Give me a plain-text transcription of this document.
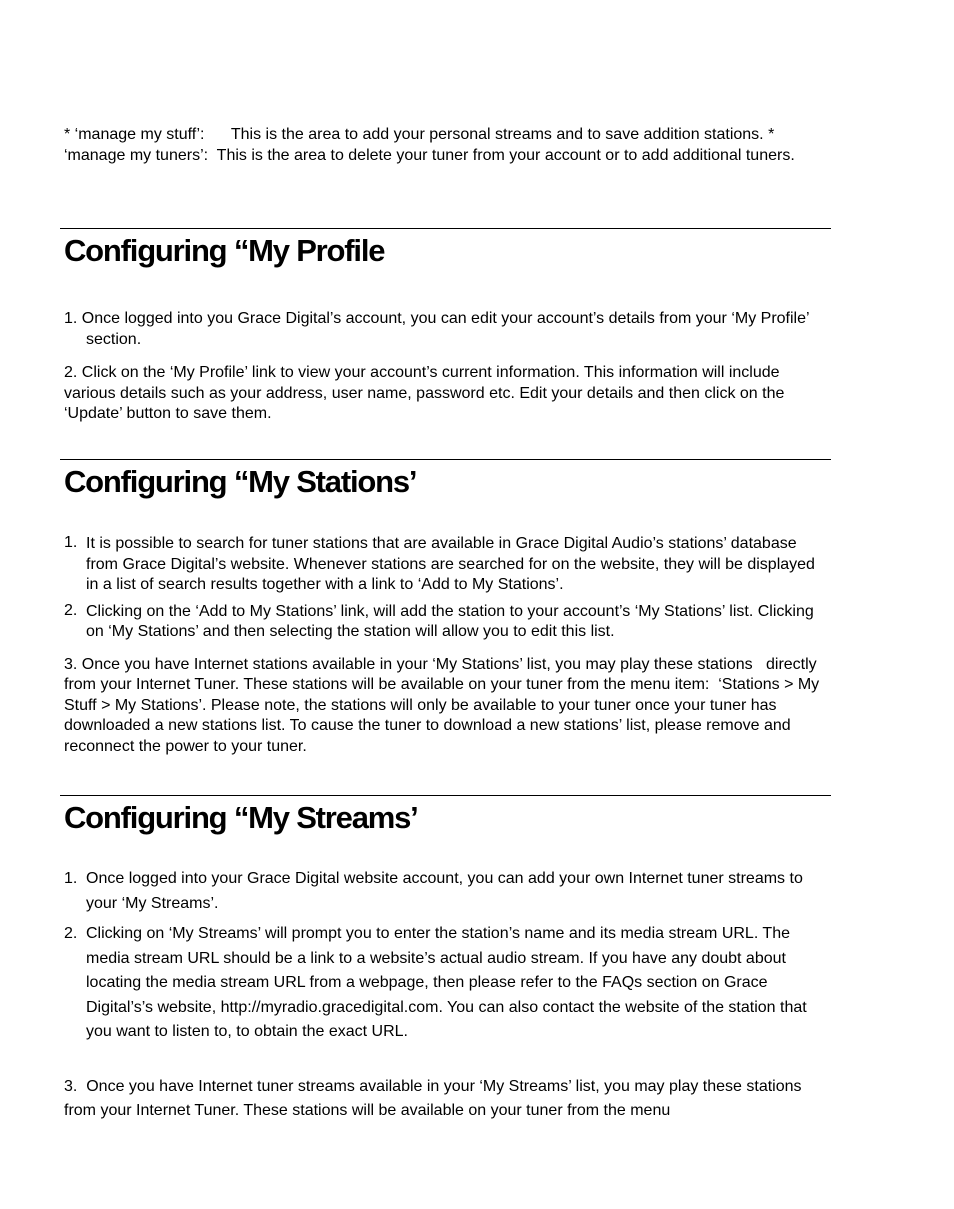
* ‘manage my stuff’:      This is the area to add your personal streams and to save addition stations. * ‘manage my tuners’:  This is the area to delete your tuner from your account or to add additional tuners.

Configuring “My Profile

1. Once logged into you Grace Digital’s account, you can edit your account’s details from your ‘My Profile’ section.

2. Click on the ‘My Profile’ link to view your account’s current information. This information will include various details such as your address, user name, password etc. Edit your details and then click on the ‘Update’ button to save them.

Configuring “My Stations’
1. It is possible to search for tuner stations that are available in Grace Digital Audio’s stations’ database from Grace Digital’s website. Whenever stations are searched for on the website, they will be displayed in a list of search results together with a link to ‘Add to My Stations’.
2. Clicking on the ‘Add to My Stations’ link, will add the station to your account’s ‘My Stations’ list. Clicking on ‘My Stations’ and then selecting the station will allow you to edit this list.

3. Once you have Internet stations available in your ‘My Stations’ list, you may play these stations   directly from your Internet Tuner. These stations will be available on your tuner from the menu item:  ‘Stations > My Stuff > My Stations’. Please note, the stations will only be available to your tuner once your tuner has downloaded a new stations list. To cause the tuner to download a new stations’ list, please remove and reconnect the power to your tuner.

Configuring “My Streams’
1. Once logged into your Grace Digital website account, you can add your own Internet tuner streams to your ‘My Streams’.
2. Clicking on ‘My Streams’ will prompt you to enter the station’s name and its media stream URL. The media stream URL should be a link to a website’s actual audio stream. If you have any doubt about locating the media stream URL from a webpage, then please refer to the FAQs section on Grace Digital’s’s website, http://myradio.gracedigital.com. You can also contact the website of the station that you want to listen to, to obtain the exact URL.

3.  Once you have Internet tuner streams available in your ‘My Streams’ list, you may play these stations from your Internet Tuner. These stations will be available on your tuner from the menu
